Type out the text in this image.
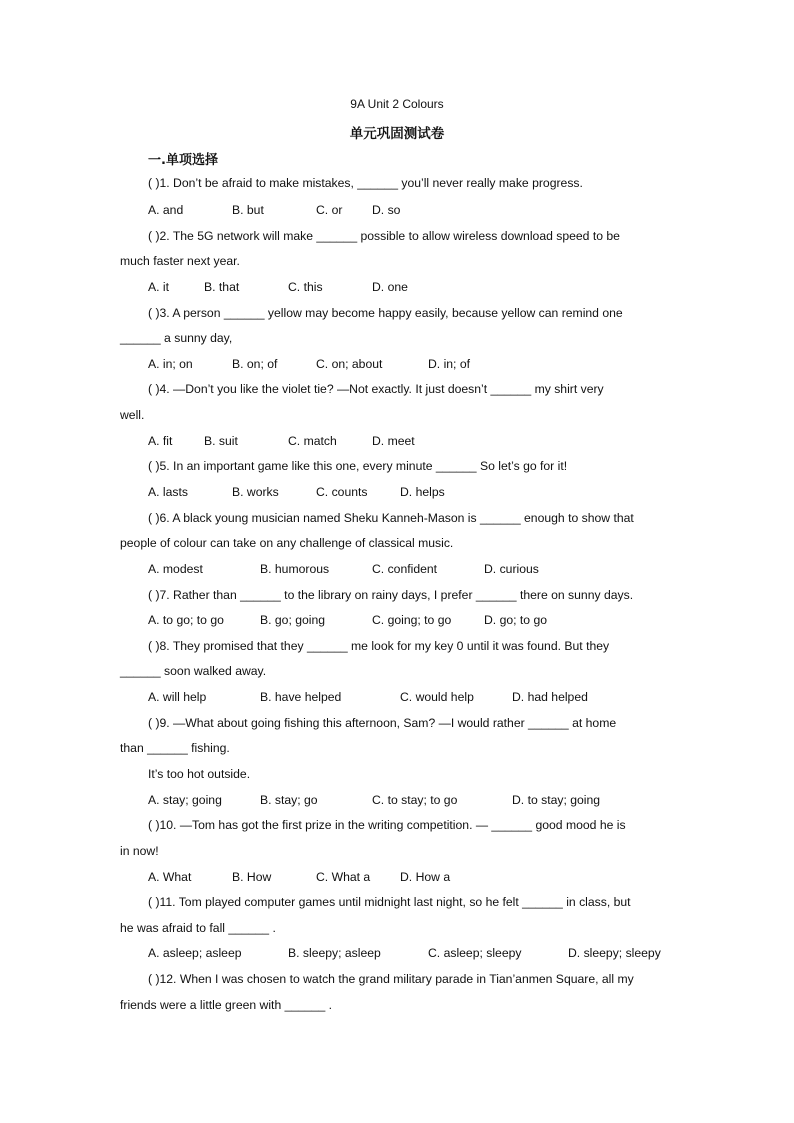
9A Unit 2 Colours
单元巩固测试卷
一.单项选择
( )1. Don’t be afraid to make mistakes, ______ you’ll never really make progress.
A. and	B. but	C. or D. so
( )2. The 5G network will make ______ possible to allow wireless download speed to be
much faster next year.
A. it	B. that	C. this	D. one
( )3. A person ______ yellow may become happy easily, because yellow can remind one
______ a sunny day,
A. in; on	B. on; of	C. on; about	D. in; of
( )4. —Don’t you like the violet tie? —Not exactly. It just doesn’t ______ my shirt very
well.
A. fit	B. suit	C. match	D. meet
( )5. In an important game like this one, every minute ______ So let’s go for it!
A. lasts	B. works	C. counts	D. helps
( )6. A black young musician named Sheku Kanneh-Mason is ______ enough to show that
people of colour can take on any challenge of classical music.
A. modest	B. humorous	C. confident	D. curious
( )7. Rather than ______ to the library on rainy days, I prefer ______ there on sunny days.
A. to go; to go	B. go; going	C. going; to go	D. go; to go
( )8. They promised that they ______ me look for my key 0 until it was found. But they
______ soon walked away.
A. will help	B. have helped	C. would help	D. had helped
( )9. —What about going fishing this afternoon, Sam? —I would rather ______ at home
than ______ fishing.
It’s too hot outside.
A. stay; going	B. stay; go	C. to stay; to go	D. to stay; going
( )10. —Tom has got the first prize in the writing competition. — ______ good mood he is
in now!
A. What	B. How	C. What a D. How a
( )11. Tom played computer games until midnight last night, so he felt ______ in class, but
he was afraid to fall ______ .
A. asleep; asleep	B. sleepy; asleep	C. asleep; sleepy	D. sleepy; sleepy
( )12. When I was chosen to watch the grand military parade in Tian’anmen Square, all my
friends were a little green with ______ .
